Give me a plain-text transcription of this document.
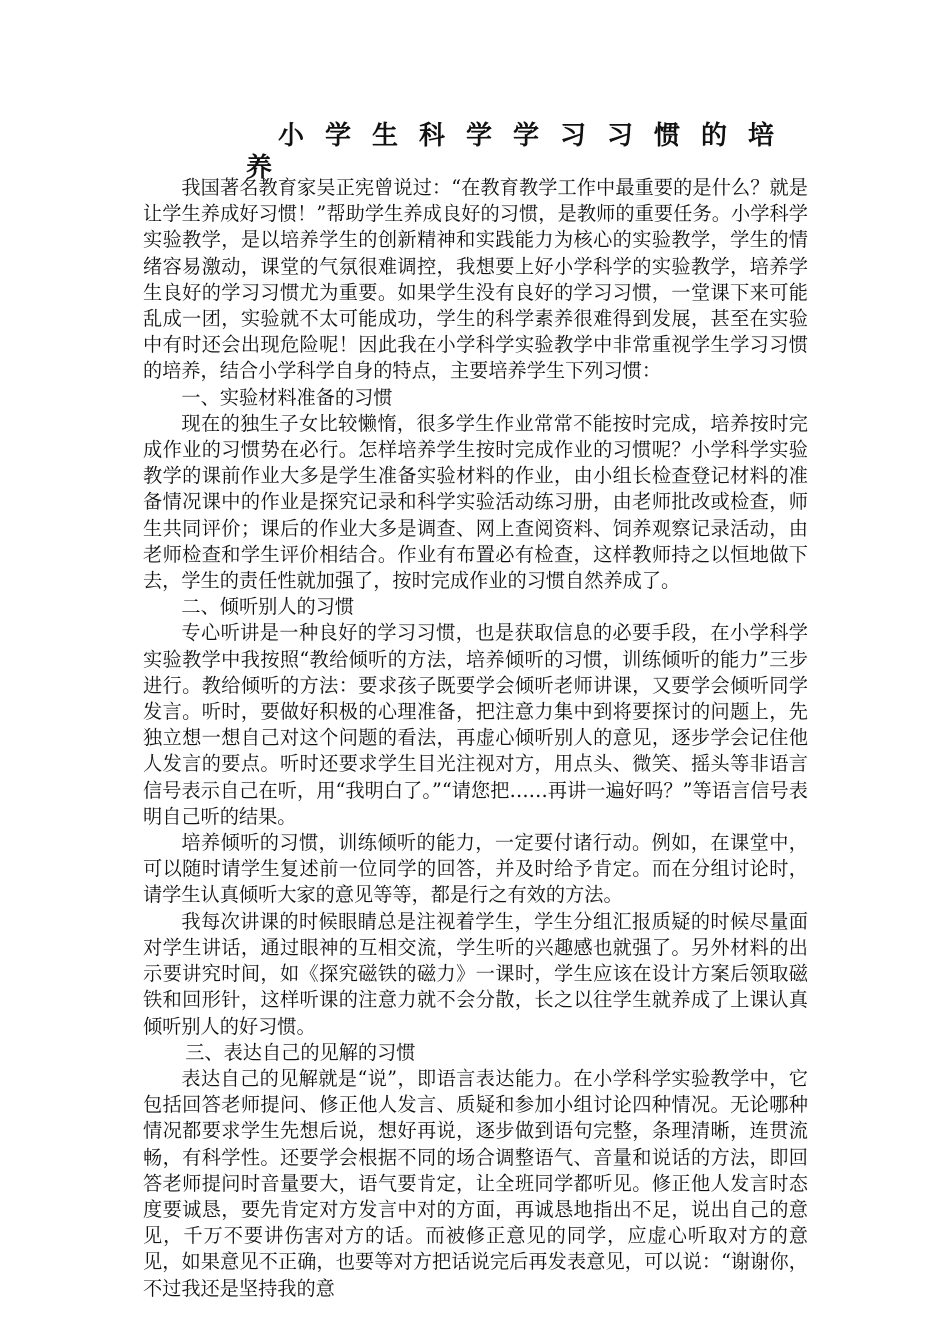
小学生科学学习习惯的培
养

我国著名教育家吴正宪曾说过：“在教育教学工作中最重要的是什么？就是让学生养成好习惯！”帮助学生养成良好的习惯，是教师的重要任务。小学科学实验教学，是以培养学生的创新精神和实践能力为核心的实验教学，学生的情绪容易激动，课堂的气氛很难调控，我想要上好小学科学的实验教学，培养学生良好的学习习惯尤为重要。如果学生没有良好的学习习惯，一堂课下来可能乱成一团，实验就不太可能成功，学生的科学素养很难得到发展，甚至在实验中有时还会出现危险呢！因此我在小学科学实验教学中非常重视学生学习习惯的培养，结合小学科学自身的特点，主要培养学生下列习惯：

一、实验材料准备的习惯

现在的独生子女比较懒惰，很多学生作业常常不能按时完成，培养按时完成作业的习惯势在必行。怎样培养学生按时完成作业的习惯呢？小学科学实验教学的课前作业大多是学生准备实验材料的作业，由小组长检查登记材料的准备情况课中的作业是探究记录和科学实验活动练习册，由老师批改或检查，师生共同评价；课后的作业大多是调查、网上查阅资料、饲养观察记录活动，由老师检查和学生评价相结合。作业有布置必有检查，这样教师持之以恒地做下去，学生的责任性就加强了，按时完成作业的习惯自然养成了。

二、倾听别人的习惯

专心听讲是一种良好的学习习惯，也是获取信息的必要手段，在小学科学实验教学中我按照“教给倾听的方法，培养倾听的习惯，训练倾听的能力”三步进行。教给倾听的方法：要求孩子既要学会倾听老师讲课，又要学会倾听同学发言。听时，要做好积极的心理准备，把注意力集中到将要探讨的问题上，先独立想一想自己对这个问题的看法，再虚心倾听别人的意见，逐步学会记住他人发言的要点。听时还要求学生目光注视对方，用点头、微笑、摇头等非语言信号表示自己在听，用“我明白了。”“请您把……再讲一遍好吗？”等语言信号表明自己听的结果。

培养倾听的习惯，训练倾听的能力，一定要付诸行动。例如，在课堂中，可以随时请学生复述前一位同学的回答，并及时给予肯定。而在分组讨论时，请学生认真倾听大家的意见等等，都是行之有效的方法。

我每次讲课的时候眼睛总是注视着学生，学生分组汇报质疑的时候尽量面对学生讲话，通过眼神的互相交流，学生听的兴趣感也就强了。另外材料的出示要讲究时间，如《探究磁铁的磁力》一课时，学生应该在设计方案后领取磁铁和回形针，这样听课的注意力就不会分散，长之以往学生就养成了上课认真倾听别人的好习惯。

三、表达自己的见解的习惯

表达自己的见解就是“说”，即语言表达能力。在小学科学实验教学中，它包括回答老师提问、修正他人发言、质疑和参加小组讨论四种情况。无论哪种情况都要求学生先想后说，想好再说，逐步做到语句完整，条理清晰，连贯流畅，有科学性。还要学会根据不同的场合调整语气、音量和说话的方法，即回答老师提问时音量要大，语气要肯定，让全班同学都听见。修正他人发言时态度要诚恳，要先肯定对方发言中对的方面，再诚恳地指出不足，说出自己的意见，千万不要讲伤害对方的话。而被修正意见的同学，应虚心听取对方的意见，如果意见不正确，也要等对方把话说完后再发表意见，可以说：“谢谢你，不过我还是坚持我的意
